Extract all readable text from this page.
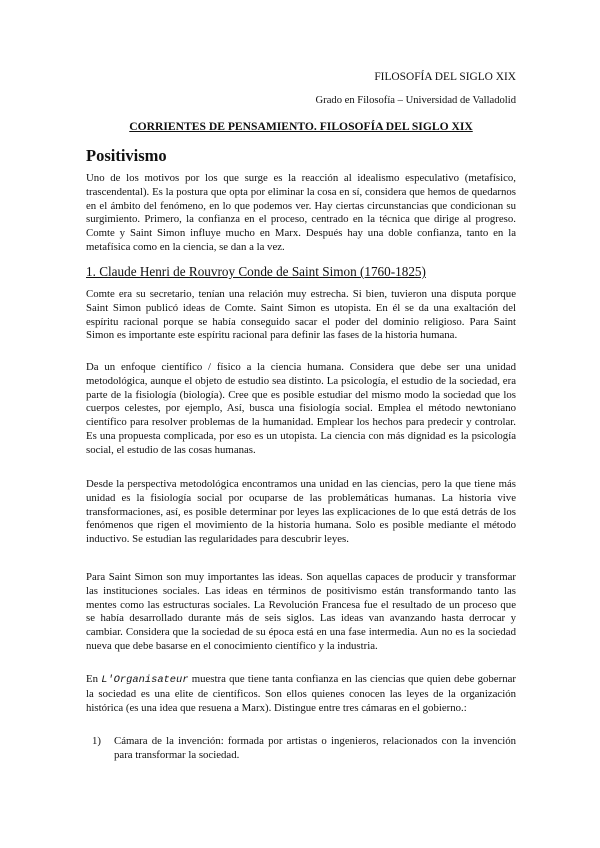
FILOSOFÍA DEL SIGLO XIX
Grado en Filosofía – Universidad de Valladolid
CORRIENTES DE PENSAMIENTO. FILOSOFÍA DEL SIGLO XIX
Positivismo

Uno de los motivos por los que surge es la reacción al idealismo especulativo (metafísico, trascendental). Es la postura que opta por eliminar la cosa en sí, considera que hemos de quedarnos en el ámbito del fenómeno, en lo que podemos ver. Hay ciertas circunstancias que condicionan su surgimiento. Primero, la confianza en el proceso, centrado en la técnica que dirige al progreso. Comte y Saint Simon influye mucho en Marx. Después hay una doble confianza, tanto en la metafísica como en la ciencia, se dan a la vez.

1. Claude Henri de Rouvroy Conde de Saint Simon (1760-1825)

Comte era su secretario, tenían una relación muy estrecha. Si bien, tuvieron una disputa porque Saint Simon publicó ideas de Comte. Saint Simon es utopista. En él se da una exaltación del espíritu racional porque se había conseguido sacar el poder del dominio religioso. Para Saint Simon es importante este espíritu racional para definir las fases de la historia humana.

Da un enfoque científico / físico a la ciencia humana. Considera que debe ser una unidad metodológica, aunque el objeto de estudio sea distinto. La psicología, el estudio de la sociedad, era parte de la fisiología (biología). Cree que es posible estudiar del mismo modo la sociedad que los cuerpos celestes, por ejemplo, Así, busca una fisiología social. Emplea el método newtoniano científico para resolver problemas de la humanidad. Emplear los hechos para predecir y controlar. Es una propuesta complicada, por eso es un utopista. La ciencia con más dignidad es la psicología social, el estudio de las cosas humanas.

Desde la perspectiva metodológica encontramos una unidad en las ciencias, pero la que tiene más unidad es la fisiología social por ocuparse de las problemáticas humanas. La historia vive transformaciones, así, es posible determinar por leyes las explicaciones de lo que está detrás de los fenómenos que rigen el movimiento de la historia humana. Solo es posible mediante el método inductivo. Se estudian las regularidades para descubrir leyes.

Para Saint Simon son muy importantes las ideas. Son aquellas capaces de producir y transformar las instituciones sociales. Las ideas en términos de positivismo están transformando tanto las mentes como las estructuras sociales. La Revolución Francesa fue el resultado de un proceso que se había desarrollado durante más de seis siglos. Las ideas van avanzando hasta derrocar y cambiar. Considera que la sociedad de su época está en una fase intermedia. Aun no es la sociedad nueva que debe basarse en el conocimiento científico y la industria.

En L'Organisateur muestra que tiene tanta confianza en las ciencias que quien debe gobernar la sociedad es una elite de científicos. Son ellos quienes conocen las leyes de la organización histórica (es una idea que resuena a Marx). Distingue entre tres cámaras en el gobierno.:

1) Cámara de la invención: formada por artistas o ingenieros, relacionados con la invención para transformar la sociedad.
